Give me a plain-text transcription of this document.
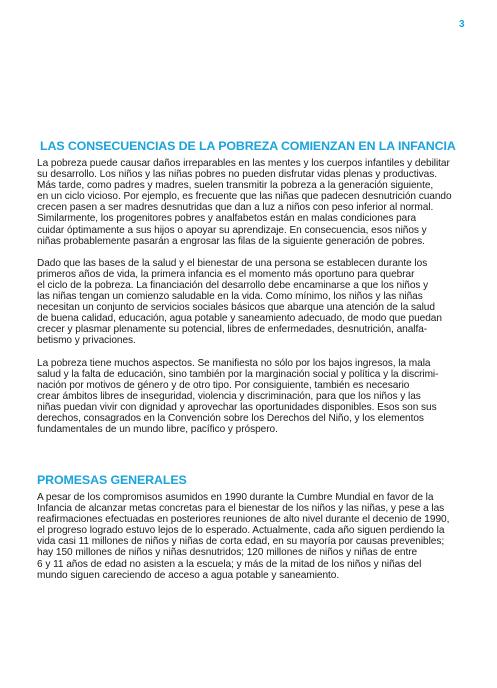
3
LAS CONSECUENCIAS DE LA POBREZA COMIENZAN EN LA INFANCIA

La pobreza puede causar daños irreparables en las mentes y los cuerpos infantiles y debilitar
su desarrollo. Los niños y las niñas pobres no pueden disfrutar vidas plenas y productivas.
Más tarde, como padres y madres, suelen transmitir la pobreza a la generación siguiente,
en un ciclo vicioso. Por ejemplo, es frecuente que las niñas que padecen desnutrición cuando
crecen pasen a ser madres desnutridas que dan a luz a niños con peso inferior al normal.
Similarmente, los progenitores pobres y analfabetos están en malas condiciones para
cuidar óptimamente a sus hijos o apoyar su aprendizaje. En consecuencia, esos niños y
niñas probablemente pasarán a engrosar las filas de la siguiente generación de pobres.

Dado que las bases de la salud y el bienestar de una persona se establecen durante los
primeros años de vida, la primera infancia es el momento más oportuno para quebrar
el ciclo de la pobreza. La financiación del desarrollo debe encaminarse a que los niños y
las niñas tengan un comienzo saludable en la vida. Como mínimo, los niños y las niñas
necesitan un conjunto de servicios sociales básicos que abarque una atención de la salud
de buena calidad, educación, agua potable y saneamiento adecuado, de modo que puedan
crecer y plasmar plenamente su potencial, libres de enfermedades, desnutrición, analfa-
betismo y privaciones.

La pobreza tiene muchos aspectos. Se manifiesta no sólo por los bajos ingresos, la mala
salud y la falta de educación, sino también por la marginación social y política y la discrimi-
nación por motivos de género y de otro tipo. Por consiguiente, también es necesario
crear ámbitos libres de inseguridad, violencia y discriminación, para que los niños y las
niñas puedan vivir con dignidad y aprovechar las oportunidades disponibles. Esos son sus
derechos, consagrados en la Convención sobre los Derechos del Niño, y los elementos
fundamentales de un mundo libre, pacífico y próspero.

PROMESAS GENERALES

A pesar de los compromisos asumidos en 1990 durante la Cumbre Mundial en favor de la
Infancia de alcanzar metas concretas para el bienestar de los niños y las niñas, y pese a las
reafirmaciones efectuadas en posteriores reuniones de alto nivel durante el decenio de 1990,
el progreso logrado estuvo lejos de lo esperado. Actualmente, cada año siguen perdiendo la
vida casi 11 millones de niños y niñas de corta edad, en su mayoría por causas prevenibles;
hay 150 millones de niños y niñas desnutridos; 120 millones de niños y niñas de entre
6 y 11 años de edad no asisten a la escuela; y más de la mitad de los niños y niñas del
mundo siguen careciendo de acceso a agua potable y saneamiento.
